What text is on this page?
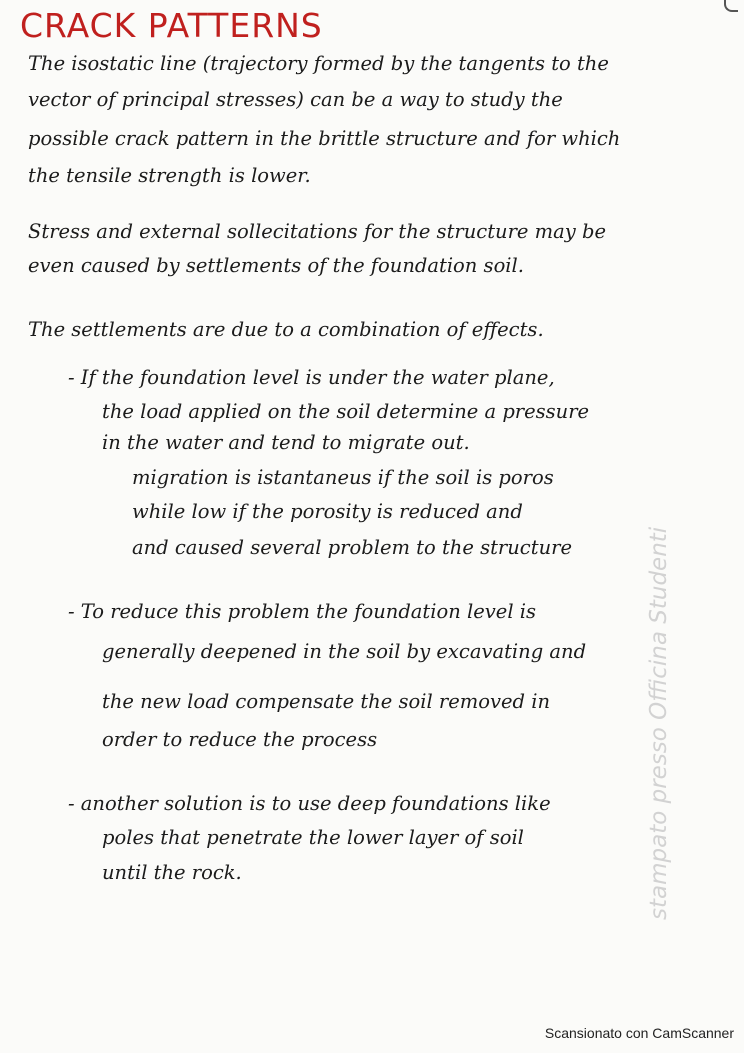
CRACK PATTERNS
The isostatic line (trajectory formed by the tangents to the
vector of principal stresses) can be a way to study the
possible crack pattern in the brittle structure and for which
the tensile strength is lower.
Stress and external sollecitations for the structure may be
even caused by settlements of the foundation soil.
The settlements are due to a combination of effects.
- If the foundation level is under the water plane,
the load applied on the soil determine a pressure
in the water and tend to migrate out.
migration is istantaneus if the soil is poros
while low if the porosity is reduced and
and caused several problem to the structure
- To reduce this problem the foundation level is
generally deepened in the soil by excavating and
the new load compensate the soil removed in
order to reduce the process
- another solution is to use deep foundations like
poles that penetrate the lower layer of soil
until the rock.	stampato presso Officina Studenti
Scansionato con CamScanner
